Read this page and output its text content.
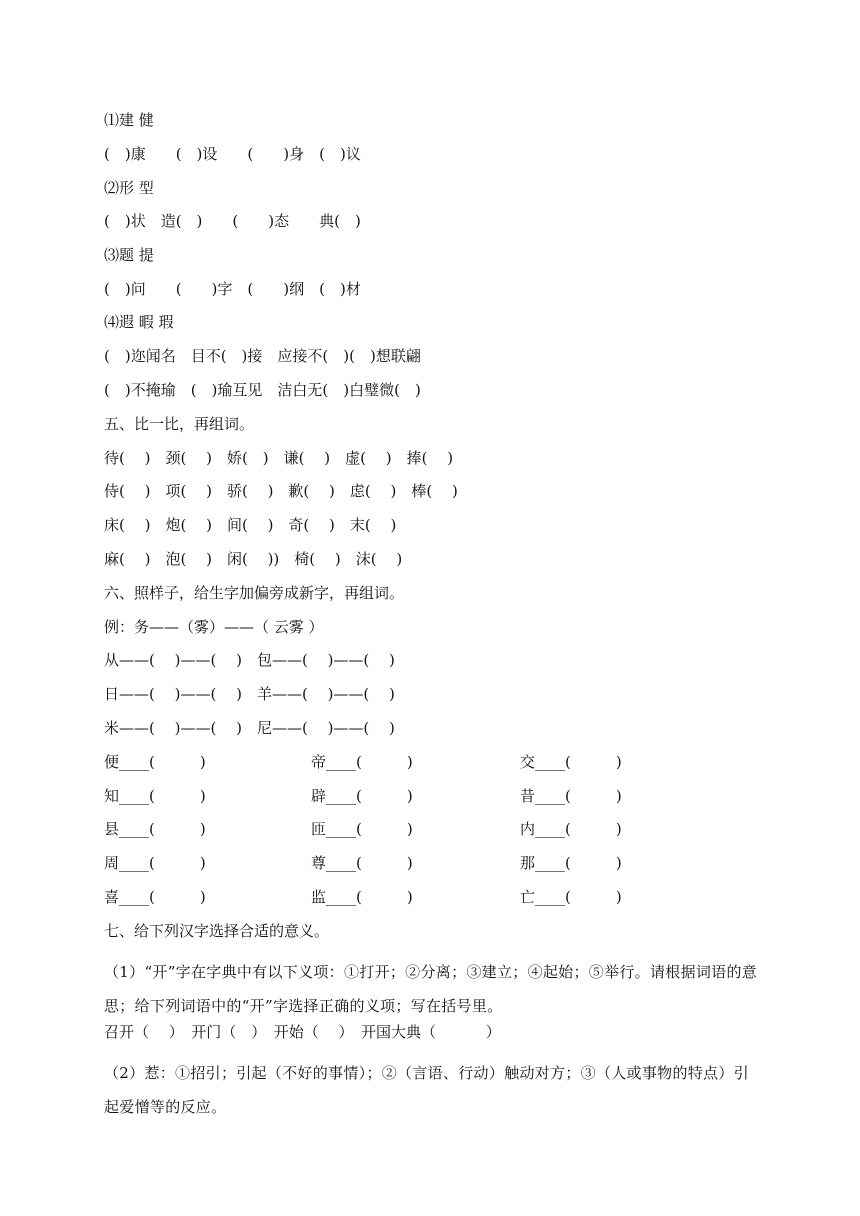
⑴建 健
(　)康　　(　)设　　(　　)身　(　)议
⑵形 型
(　)状　造(　)　　(　　)态　　典(　)
⑶题 提
(　)问　　(　　)字　(　　)纲　(　)材
⑷遐 暇 瑕
(　)迩闻名　目不(　)接　应接不(　)(　)想联翩
(　)不掩瑜　(　)瑜互见　洁白无(　)白璧微(　)
五、比一比，再组词。
待(　 )　颈(　 )　娇(　)　谦(　 )　虚(　 )　捧(　 )
侍(　 )　项(　 )　骄(　 )　歉(　 )　虑(　 )　棒(　 )
床(　 )　炮(　 )　间(　 )　奇(　 )　末(　 )
麻(　 )　泡(　 )　闲(　 ))　椅(　 )　沫(　 )
六、照样子，给生字加偏旁成新字，再组词。
例：务——（雾）——（ 云雾 ）
从——(　 )——(　 )　包——(　 )——(　 )
日——(　 )——(　 )　羊——(　 )——(　 )
米——(　 )——(　 )　尼——(　 )——(　 )
便____(　　　)	帝____(　　　)	交____(　　　)
知____(　　　)	辟____(　　　)	昔____(　　　)
县____(　　　)	匝____(　　　)	内____(　　　)
周____(　　　)	尊____(　　　)	那____(　　　)
喜____(　　　)	监____(　　　)	亡____(　　　)
七、给下列汉字选择合适的意义。
（1）“开”字在字典中有以下义项：①打开；②分离；③建立；④起始；⑤举行。请根据词语的意思；给下列词语中的“开”字选择正确的义项；写在括号里。
召开（　 ）　开门（　）　开始（　 ）　开国大典（　　　 ）
（2）惹：①招引；引起（不好的事情）；②（言语、行动）触动对方；③（人或事物的特点）引起爱憎等的反应。
